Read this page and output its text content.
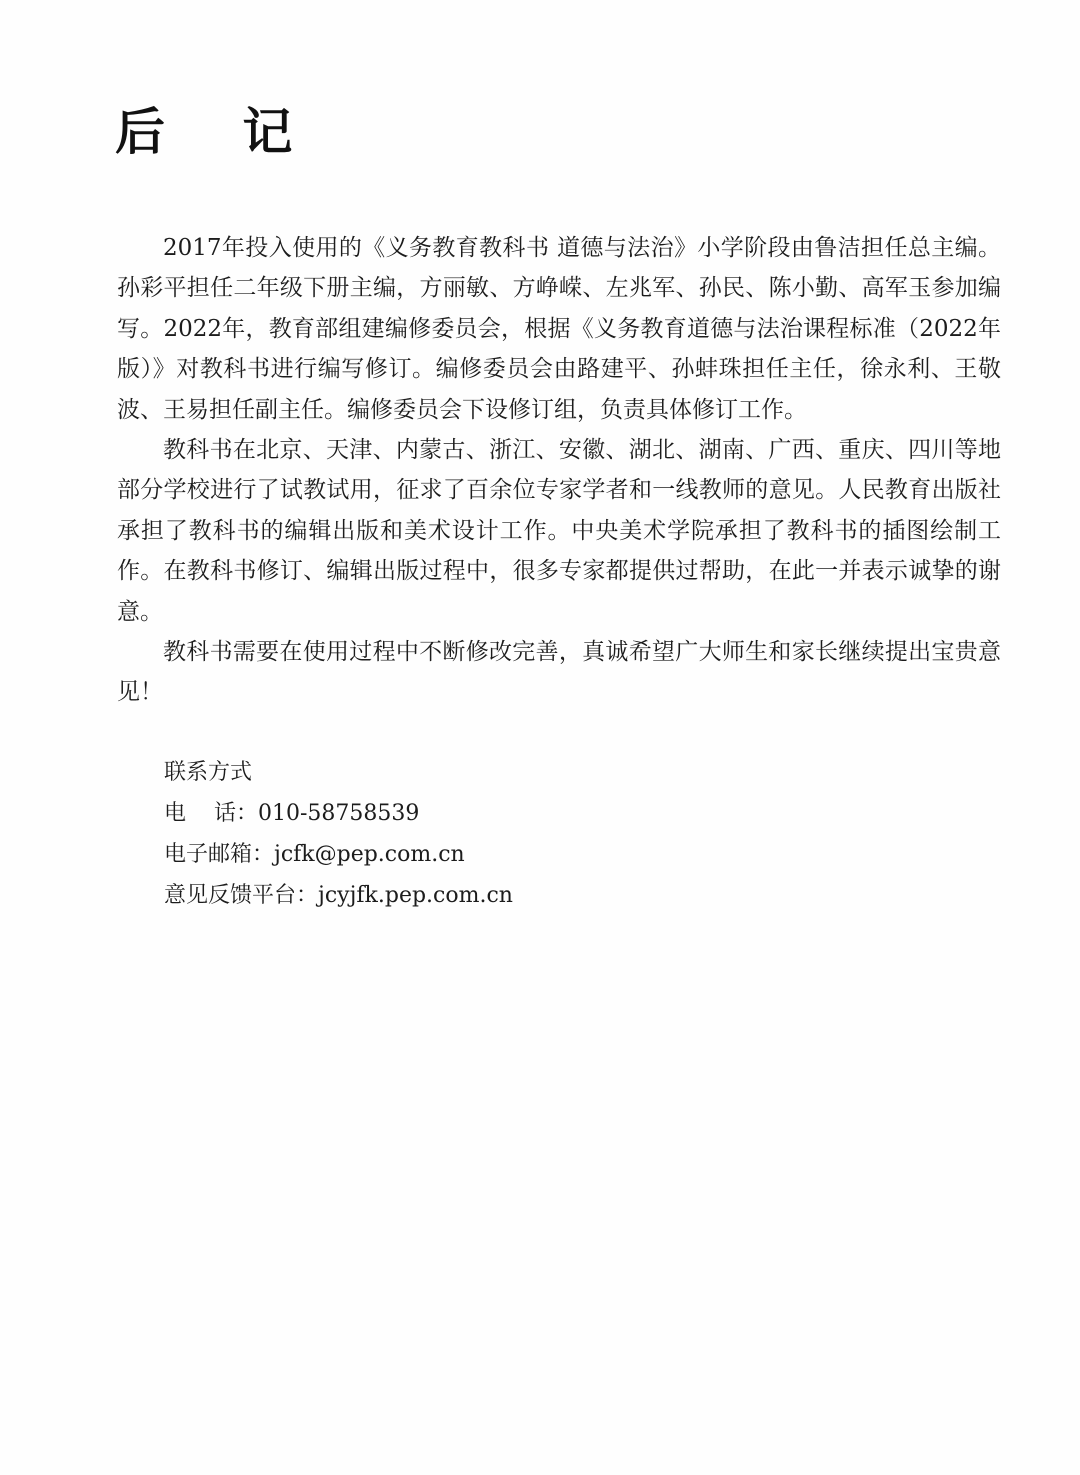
后 记

2017年投入使用的《义务教育教科书 道德与法治》小学阶段由鲁洁担任总主编。孙彩平担任二年级下册主编，方丽敏、方峥嵘、左兆军、孙民、陈小勤、高军玉参加编写。2022年，教育部组建编修委员会，根据《义务教育道德与法治课程标准（2022年版）》对教科书进行编写修订。编修委员会由路建平、孙蚌珠担任主任，徐永利、王敬波、王易担任副主任。编修委员会下设修订组，负责具体修订工作。

教科书在北京、天津、内蒙古、浙江、安徽、湖北、湖南、广西、重庆、四川等地部分学校进行了试教试用，征求了百余位专家学者和一线教师的意见。人民教育出版社承担了教科书的编辑出版和美术设计工作。中央美术学院承担了教科书的插图绘制工作。在教科书修订、编辑出版过程中，很多专家都提供过帮助，在此一并表示诚挚的谢意。

教科书需要在使用过程中不断修改完善，真诚希望广大师生和家长继续提出宝贵意见！

联系方式
电    话：010-58758539
电子邮箱：jcfk@pep.com.cn
意见反馈平台：jcyjfk.pep.com.cn
